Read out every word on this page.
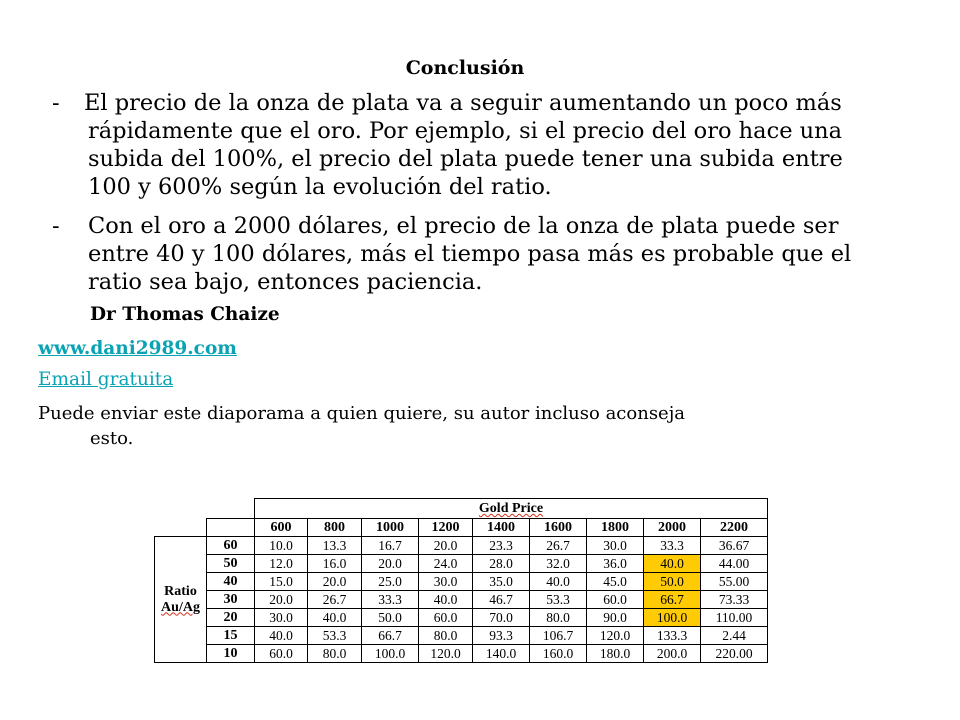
Conclusión
-	El precio de la onza de plata va a seguir aumentando un poco más rápidamente que el oro. Por ejemplo, si el precio del oro hace una subida del 100%, el precio del plata puede tener una subida entre 100 y 600% según la evolución del ratio.
-	Con el oro a 2000 dólares, el precio de la onza de plata puede ser entre 40 y 100 dólares, más el tiempo pasa más es probable que el ratio sea bajo, entonces paciencia.
Dr Thomas Chaize
www.dani2989.com
Email gratuita
Puede enviar este diaporama a quien quiere, su autor incluso aconseja
esto.
		Gold Price								
		600	800	1000	1200	1400	1600	1800	2000	2200

Ratio
Au/Ag	60	10.0	13.3	16.7	20.0	23.3	26.7	30.0	33.3	36.67
	50	12.0	16.0	20.0	24.0	28.0	32.0	36.0	40.0	44.00
	40	15.0	20.0	25.0	30.0	35.0	40.0	45.0	50.0	55.00
	30	20.0	26.7	33.3	40.0	46.7	53.3	60.0	66.7	73.33
	20	30.0	40.0	50.0	60.0	70.0	80.0	90.0	100.0	110.00
	15	40.0	53.3	66.7	80.0	93.3	106.7	120.0	133.3	2.44
	10	60.0	80.0	100.0	120.0	140.0	160.0	180.0	200.0	220.00
